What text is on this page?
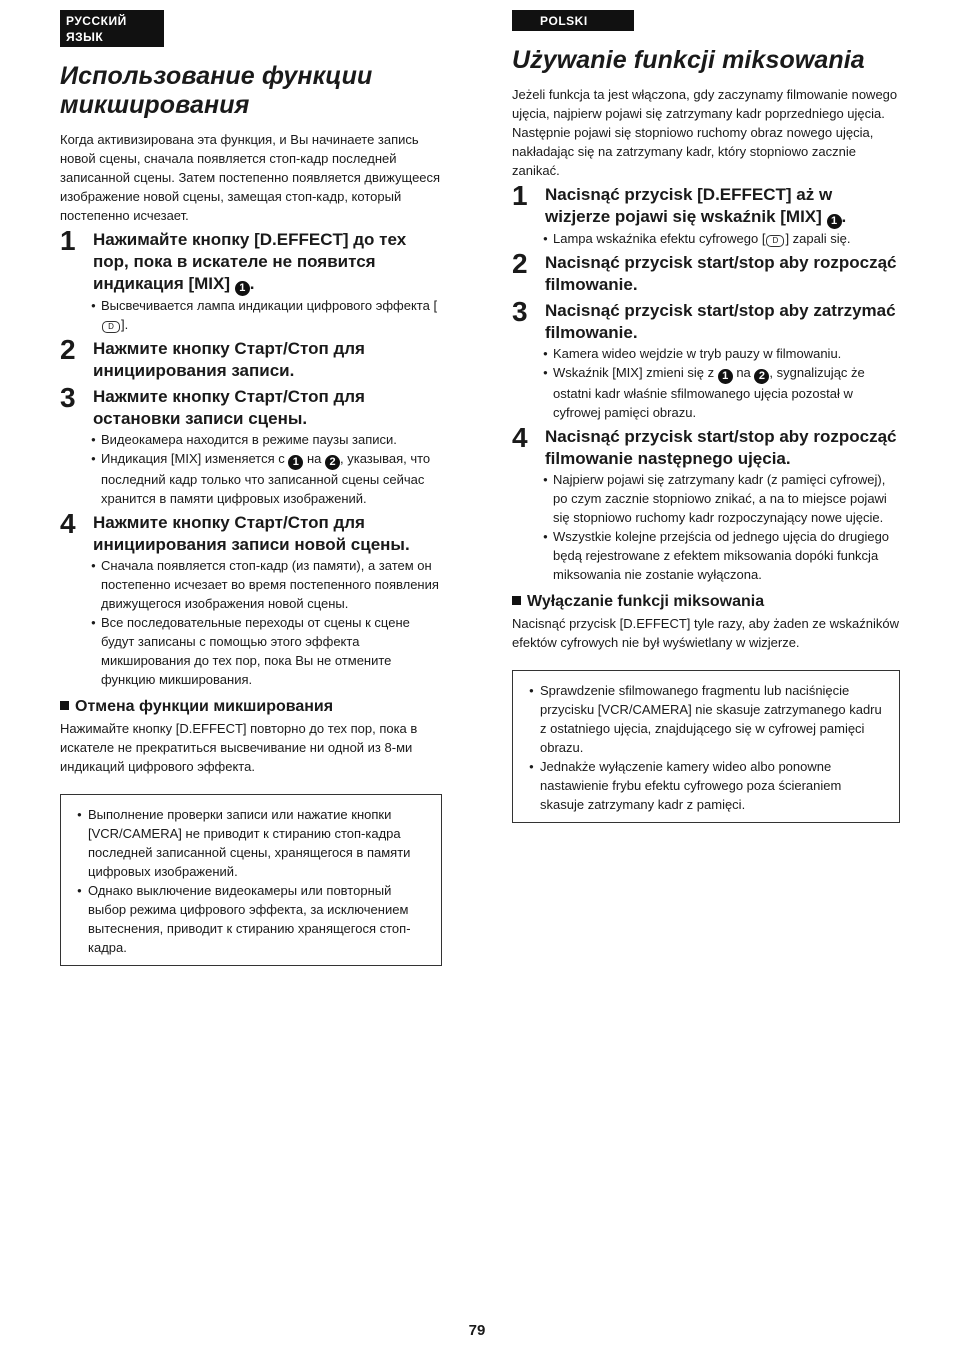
РУССКИЙ ЯЗЫК
Использование функции микширования

Когда активизирована эта функция, и Вы начинаете запись новой сцены, сначала появляется стоп-кадр последней записанной сцены. Затем постепенно появляется движущееся изображение новой сцены, замещая стоп-кадр, который постепенно исчезает.

1 Нажимайте кнопку [D.EFFECT] до тех пор, пока в искателе не появится индикация [MIX] 1 .

● Высвечивается лампа индикации цифрового эффекта [D ].
2 Нажмите кнопку Старт/Стоп для инициирования записи.

3 Нажмите кнопку Старт/Стоп для остановки записи сцены.

● Видеокамера находится в режиме паузы записи.
● Индикация [MIX] изменяется с 1 на 2 , указывая, что последний кадр только что записанной сцены сейчас хранится в памяти цифровых изображений.
4 Нажмите кнопку Старт/Стоп для инициирования записи новой сцены.

● Сначала появляется стоп-кадр (из памяти), а затем он постепенно исчезает во время постепенного появления движущегося изображения новой сцены.
● Все последовательные переходы от сцены к сцене будут записаны с помощью этого эффекта микширования до тех пор, пока Вы не отмените функцию микширования.
Отмена функции микширования
Нажимайте кнопку [D.EFFECT] повторно до тех пор, пока в искателе не прекратиться высвечивание ни одной из 8-ми индикаций цифрового эффекта.
● Выполнение проверки записи или нажатие кнопки [VCR/CAMERA] не приводит к стиранию стоп-кадра последней записанной сцены, хранящегося в памяти цифровых изображений.
● Однако выключение видеокамеры или повторный выбор режима цифрового эффекта, за исключением вытеснения, приводит к стиранию хранящегося стоп-кадра.
POLSKI
Używanie funkcji miksowania

Jeżeli funkcja ta jest włączona, gdy zaczynamy filmowanie nowego ujęcia, najpierw pojawi się zatrzymany kadr poprzedniego ujęcia. Następnie pojawi się stopniowo ruchomy obraz nowego ujęcia, nakładając się na zatrzymany kadr, który stopniowo zacznie zanikać.

1 Nacisnąć przycisk [D.EFFECT] aż w wizjerze pojawi się wskaźnik [MIX] 1 .

● Lampa wskaźnika efektu cyfrowego [ D ] zapali się.
2 Nacisnąć przycisk start/stop aby rozpocząć filmowanie.

3 Nacisnąć przycisk start/stop aby zatrzymać filmowanie.

● Kamera wideo wejdzie w tryb pauzy w filmowaniu.
● Wskaźnik [MIX] zmieni się z 1 na 2 , sygnalizując że ostatni kadr właśnie sfilmowanego ujęcia pozostał w cyfrowej pamięci obrazu.
4 Nacisnąć przycisk start/stop aby rozpocząć filmowanie następnego ujęcia.

● Najpierw pojawi się zatrzymany kadr (z pamięci cyfrowej), po czym zacznie stopniowo znikać, a na to miejsce pojawi się stopniowo ruchomy kadr rozpoczynający nowe ujęcie.
● Wszystkie kolejne przejścia od jednego ujęcia do drugiego będą rejestrowane z efektem miksowania dopóki funkcja miksowania nie zostanie wyłączona.
Wyłączanie funkcji miksowania
Nacisnąć przycisk [D.EFFECT] tyle razy, aby żaden ze wskaźników efektów cyfrowych nie był wyświetlany w wizjerze.
● Sprawdzenie sfilmowanego fragmentu lub naciśnięcie przycisku [VCR/CAMERA] nie skasuje zatrzymanego kadru z ostatniego ujęcia, znajdującego się w cyfrowej pamięci obrazu.
● Jednakże wyłączenie kamery wideo albo ponowne nastawienie frybu efektu cyfrowego poza ścieraniem skasuje zatrzymany kadr z pamięci.
79
